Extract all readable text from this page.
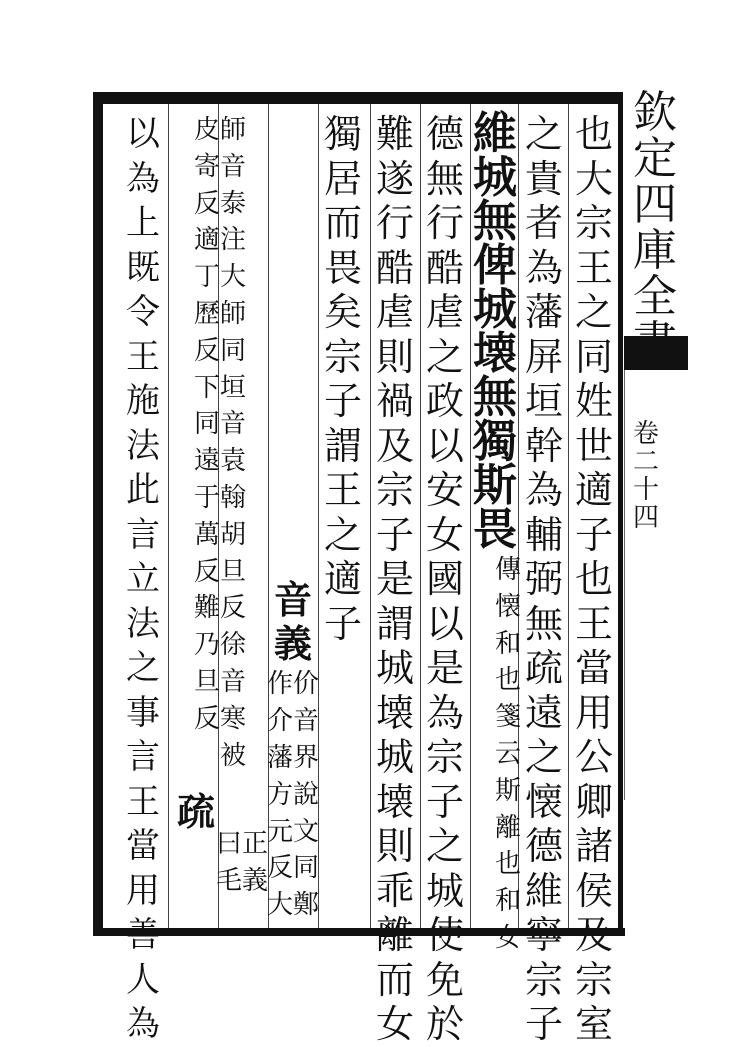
欽定四庫全
卷二十四
也大宗王之同姓世適子也王當用公卿諸侯及宗室
之貴者為藩屏垣幹為輔弼無疏遠之懐德維寧宗子
維城無俾城壊無獨斯畏
傳懐和也箋云斯離也和女
德無行酷虐之政以安女國以是為宗子之城使免於
難遂行酷虐則禍及宗子是謂城壊城壊則乖離而女
獨居而畏矣宗子謂王之適子
音義
价音界說文同鄭
作介藩方元反大
師音泰注大師同垣音袁翰胡旦反徐音寒被
皮寄反適丁歷反下同遠于萬反難乃旦反
正義
曰毛
疏
以為上既令王施法此言立法之事言王當用善人為
